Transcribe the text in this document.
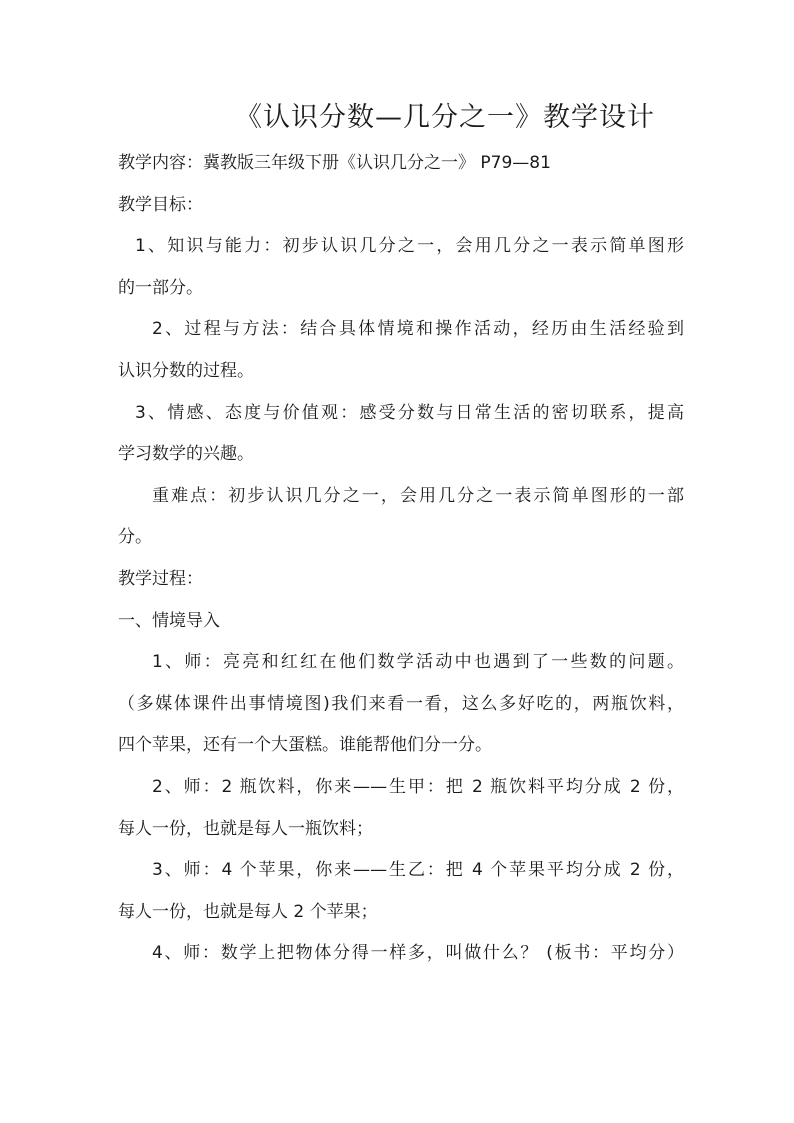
《认识分数—几分之一》教学设计
教学内容：冀教版三年级下册《认识几分之一》 P79—81
教学目标：
1、知识与能力：初步认识几分之一，会用几分之一表示简单图形
的一部分。
2、过程与方法：结合具体情境和操作活动，经历由生活经验到
认识分数的过程。
3、情感、态度与价值观：感受分数与日常生活的密切联系，提高
学习数学的兴趣。
重难点：初步认识几分之一，会用几分之一表示简单图形的一部
分。
教学过程：
一、情境导入
1、师：亮亮和红红在他们数学活动中也遇到了一些数的问题。
（多媒体课件出事情境图)我们来看一看，这么多好吃的，两瓶饮料，
四个苹果，还有一个大蛋糕。谁能帮他们分一分。
2、师：2 瓶饮料，你来——生甲：把 2 瓶饮料平均分成 2 份，
每人一份，也就是每人一瓶饮料；
3、师：4 个苹果，你来——生乙：把 4 个苹果平均分成 2 份，
每人一份，也就是每人 2 个苹果；
4、师：数学上把物体分得一样多，叫做什么？ (板书：平均分）
